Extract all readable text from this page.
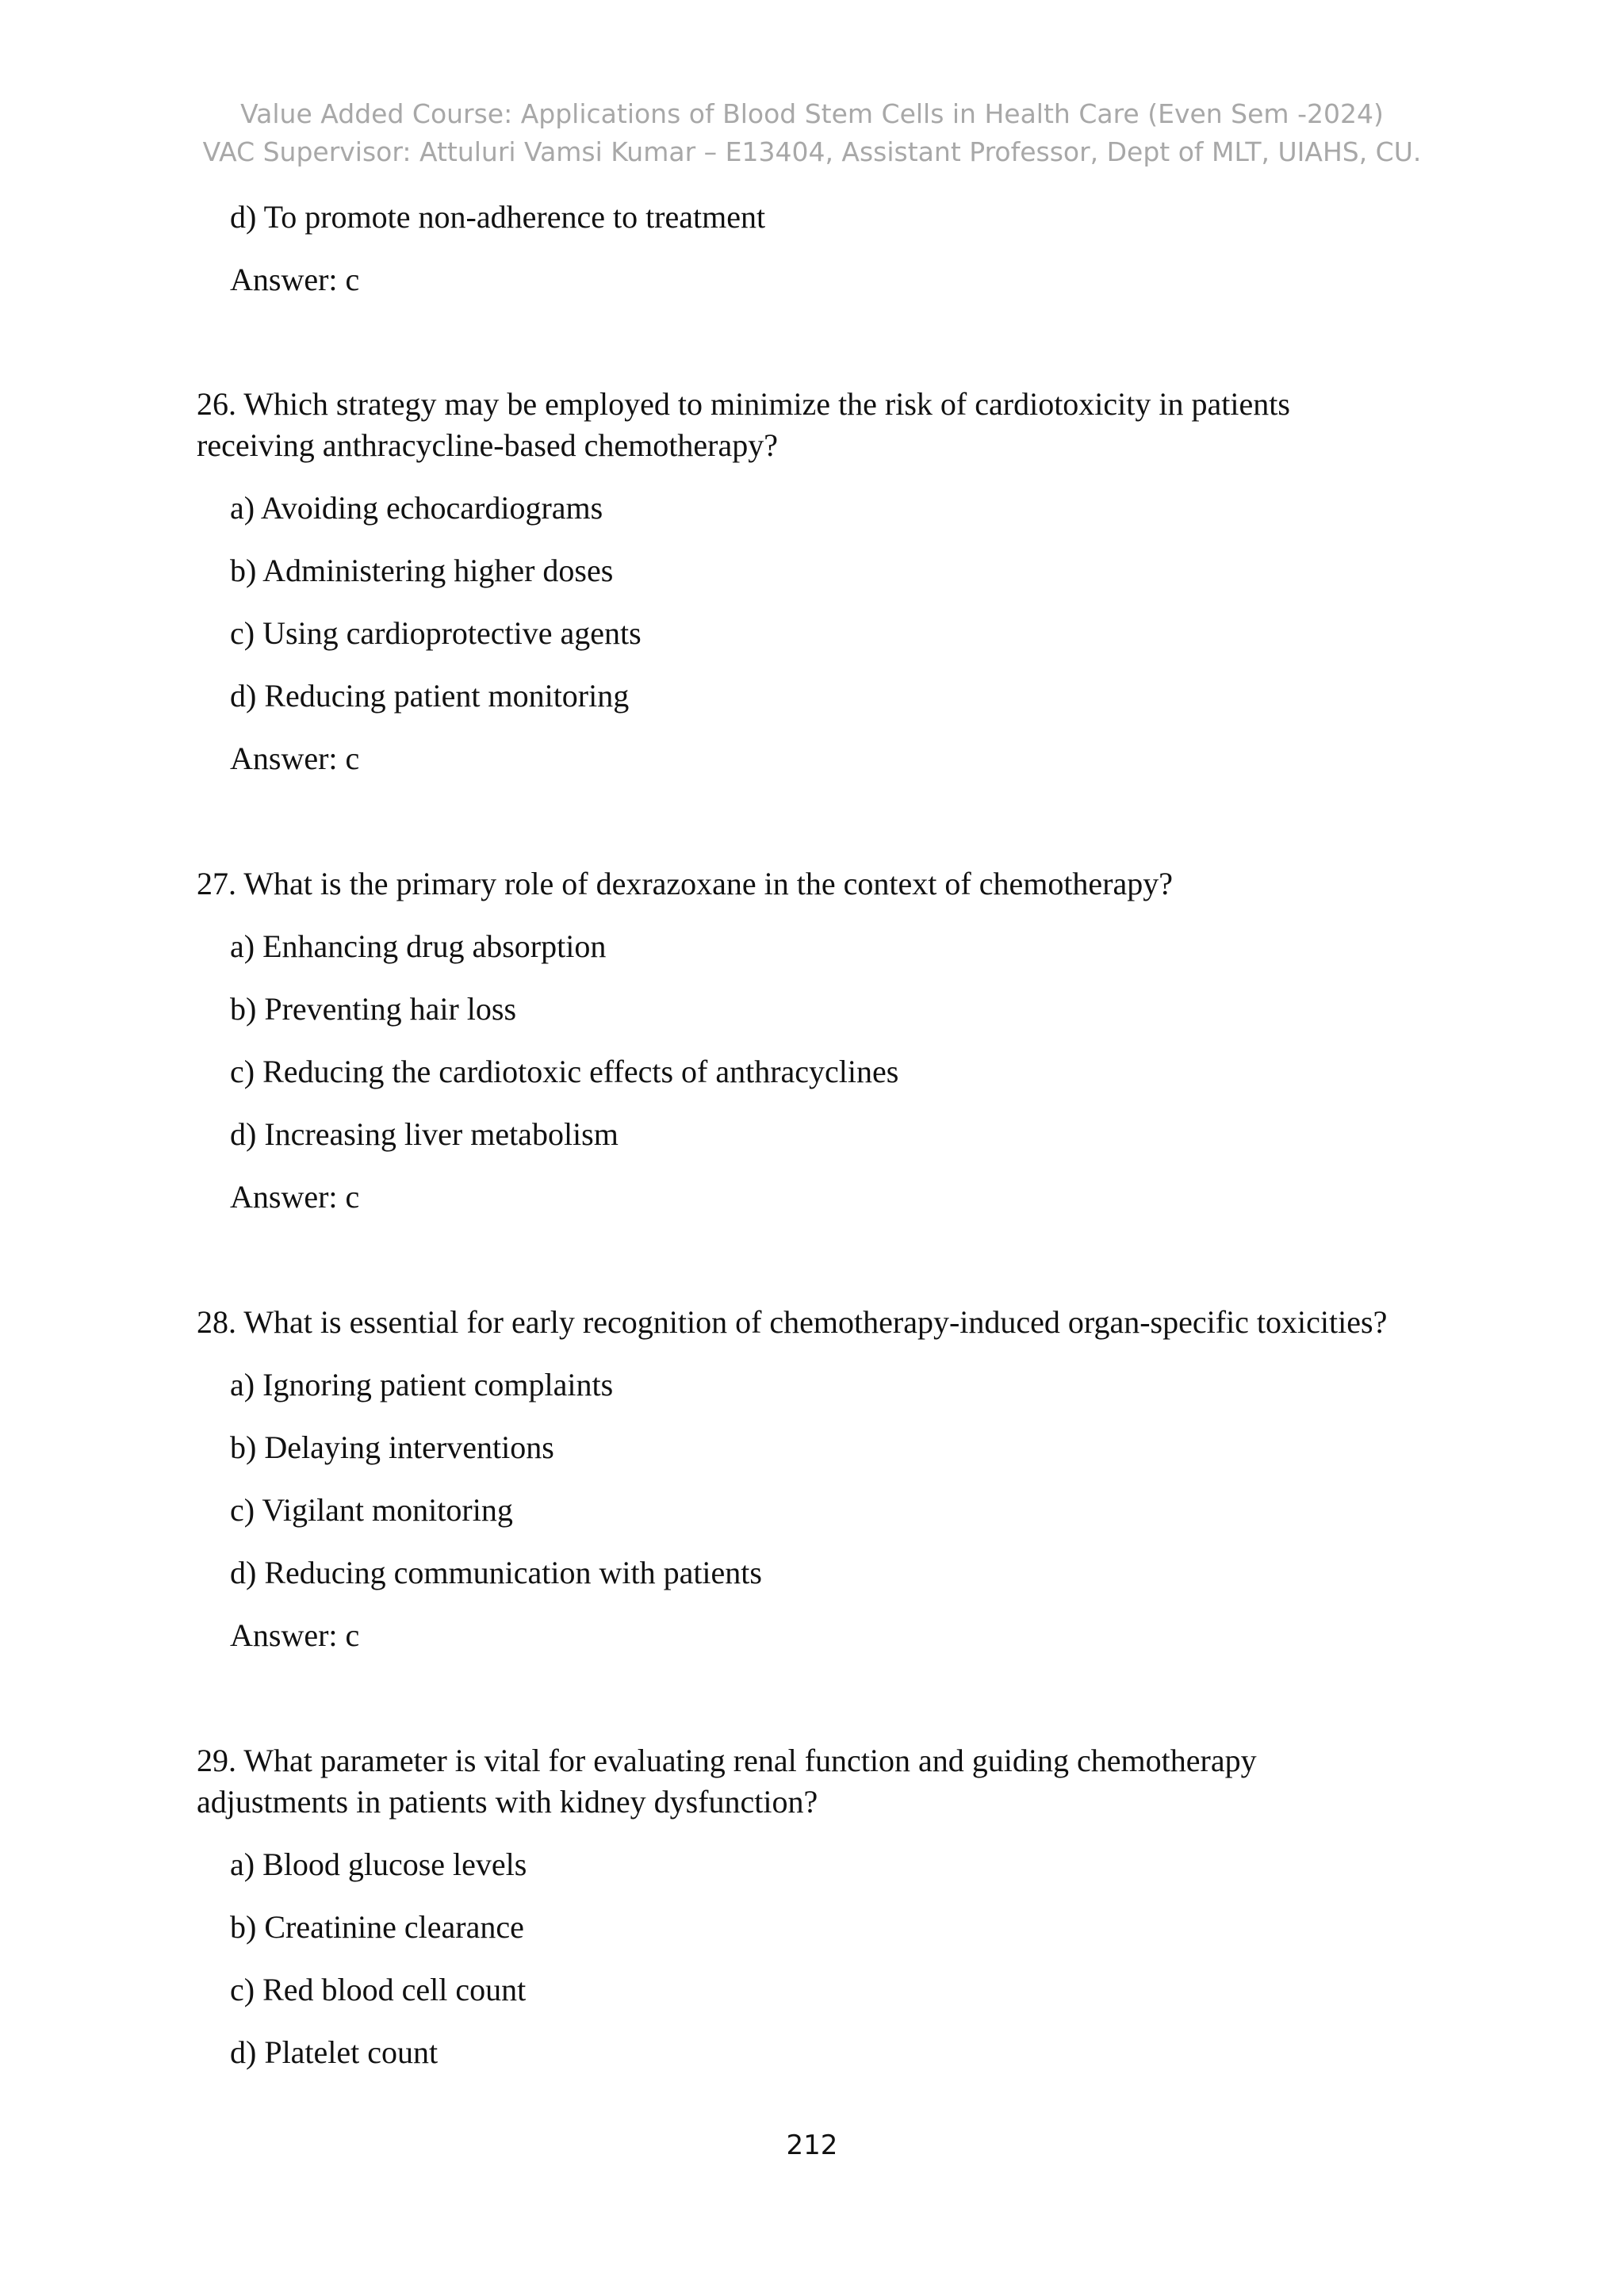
Value Added Course: Applications of Blood Stem Cells in Health Care (Even Sem -2024)
VAC Supervisor: Attuluri Vamsi Kumar – E13404, Assistant Professor, Dept of MLT, UIAHS, CU.
d) To promote non-adherence to treatment
Answer: c
26. Which strategy may be employed to minimize the risk of cardiotoxicity in patients
receiving anthracycline-based chemotherapy?
a) Avoiding echocardiograms
b) Administering higher doses
c) Using cardioprotective agents
d) Reducing patient monitoring
Answer: c
27. What is the primary role of dexrazoxane in the context of chemotherapy?
a) Enhancing drug absorption
b) Preventing hair loss
c) Reducing the cardiotoxic effects of anthracyclines
d) Increasing liver metabolism
Answer: c
28. What is essential for early recognition of chemotherapy-induced organ-specific toxicities?
a) Ignoring patient complaints
b) Delaying interventions
c) Vigilant monitoring
d) Reducing communication with patients
Answer: c
29. What parameter is vital for evaluating renal function and guiding chemotherapy
adjustments in patients with kidney dysfunction?
a) Blood glucose levels
b) Creatinine clearance
c) Red blood cell count
d) Platelet count
212
